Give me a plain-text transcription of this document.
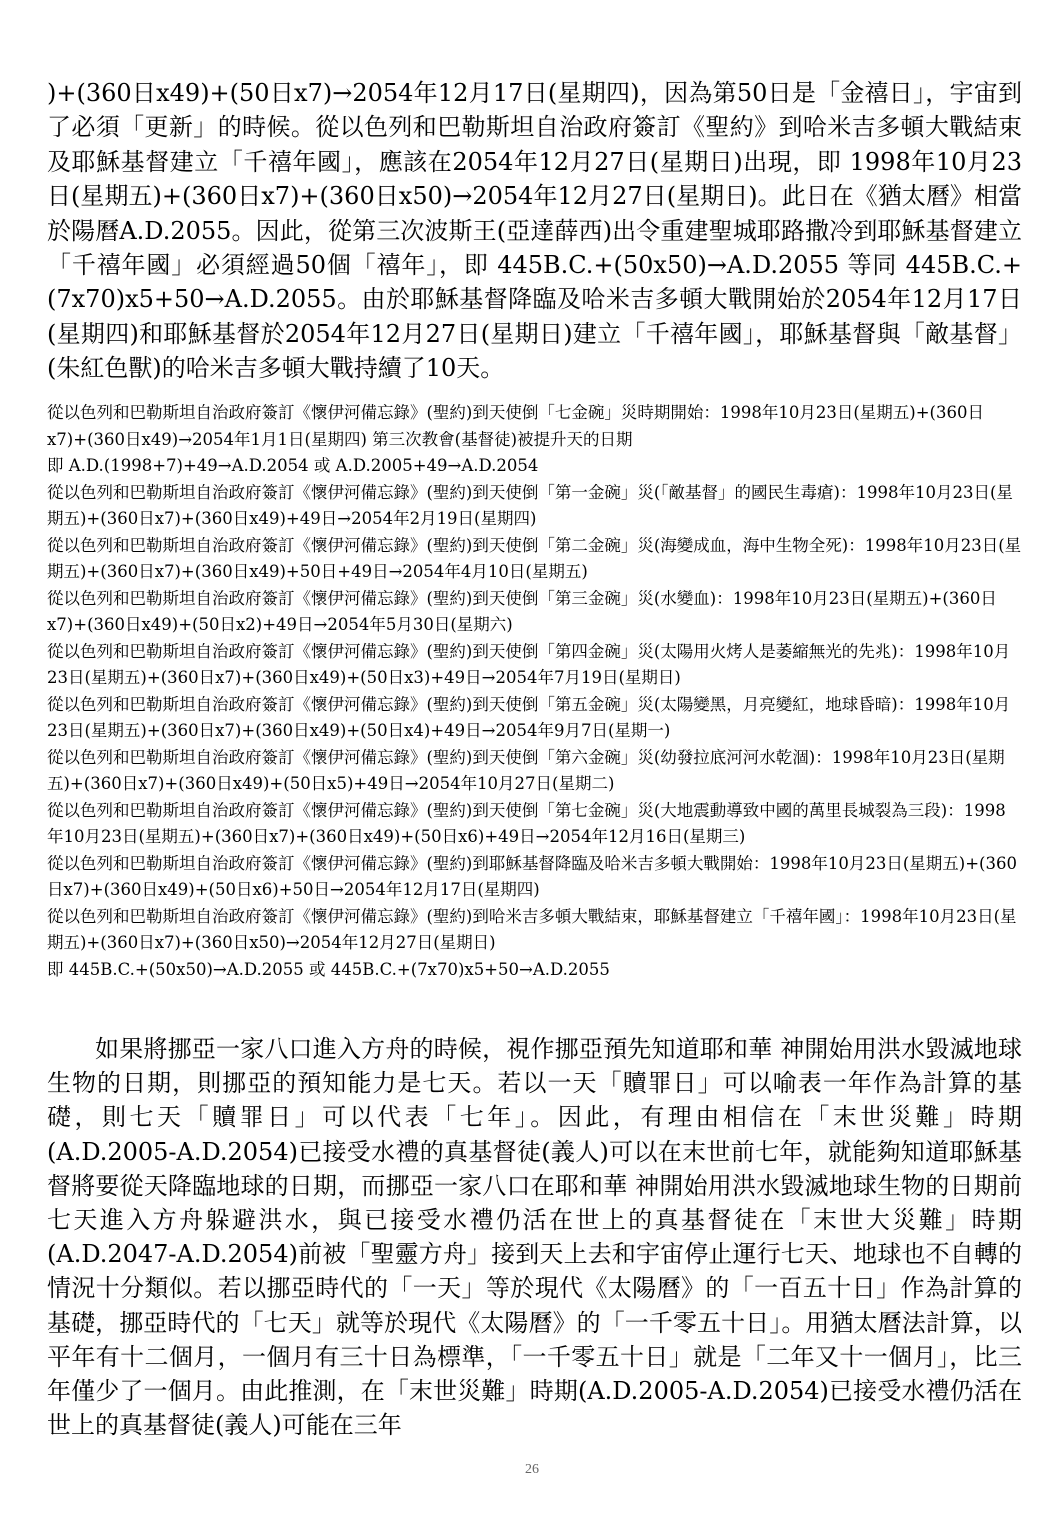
)+(360日x49)+(50日x7)→2054年12月17日(星期四)，因為第50日是「金禧日」，宇宙到了必須「更新」的時候。從以色列和巴勒斯坦自治政府簽訂《聖約》到哈米吉多頓大戰結束及耶穌基督建立「千禧年國」，應該在2054年12月27日(星期日)出現，即 1998年10月23日(星期五)+(360日x7)+(360日x50)→2054年12月27日(星期日)。此日在《猶太曆》相當於陽曆A.D.2055。因此，從第三次波斯王(亞達薛西)出令重建聖城耶路撒冷到耶穌基督建立「千禧年國」必須經過50個「禧年」，即 445B.C.+(50x50)→A.D.2055 等同 445B.C.+(7x70)x5+50→A.D.2055。由於耶穌基督降臨及哈米吉多頓大戰開始於2054年12月17日(星期四)和耶穌基督於2054年12月27日(星期日)建立「千禧年國」，耶穌基督與「敵基督」(朱紅色獸)的哈米吉多頓大戰持續了10天。

從以色列和巴勒斯坦自治政府簽訂《懷伊河備忘錄》(聖約)到天使倒「七金碗」災時期開始：1998年10月23日(星期五)+(360日x7)+(360日x49)→2054年1月1日(星期四) 第三次教會(基督徒)被提升天的日期

即 A.D.(1998+7)+49→A.D.2054 或 A.D.2005+49→A.D.2054

從以色列和巴勒斯坦自治政府簽訂《懷伊河備忘錄》(聖約)到天使倒「第一金碗」災(「敵基督」的國民生毒瘡)：1998年10月23日(星期五)+(360日x7)+(360日x49)+49日→2054年2月19日(星期四)

從以色列和巴勒斯坦自治政府簽訂《懷伊河備忘錄》(聖約)到天使倒「第二金碗」災(海變成血，海中生物全死)：1998年10月23日(星期五)+(360日x7)+(360日x49)+50日+49日→2054年4月10日(星期五)

從以色列和巴勒斯坦自治政府簽訂《懷伊河備忘錄》(聖約)到天使倒「第三金碗」災(水變血)：1998年10月23日(星期五)+(360日x7)+(360日x49)+(50日x2)+49日→2054年5月30日(星期六)

從以色列和巴勒斯坦自治政府簽訂《懷伊河備忘錄》(聖約)到天使倒「第四金碗」災(太陽用火烤人是萎縮無光的先兆)：1998年10月23日(星期五)+(360日x7)+(360日x49)+(50日x3)+49日→2054年7月19日(星期日)

從以色列和巴勒斯坦自治政府簽訂《懷伊河備忘錄》(聖約)到天使倒「第五金碗」災(太陽變黑，月亮變紅，地球昏暗)：1998年10月23日(星期五)+(360日x7)+(360日x49)+(50日x4)+49日→2054年9月7日(星期一)

從以色列和巴勒斯坦自治政府簽訂《懷伊河備忘錄》(聖約)到天使倒「第六金碗」災(幼發拉底河河水乾涸)：1998年10月23日(星期五)+(360日x7)+(360日x49)+(50日x5)+49日→2054年10月27日(星期二)

從以色列和巴勒斯坦自治政府簽訂《懷伊河備忘錄》(聖約)到天使倒「第七金碗」災(大地震動導致中國的萬里長城裂為三段)：1998年10月23日(星期五)+(360日x7)+(360日x49)+(50日x6)+49日→2054年12月16日(星期三)

從以色列和巴勒斯坦自治政府簽訂《懷伊河備忘錄》(聖約)到耶穌基督降臨及哈米吉多頓大戰開始：1998年10月23日(星期五)+(360日x7)+(360日x49)+(50日x6)+50日→2054年12月17日(星期四)

從以色列和巴勒斯坦自治政府簽訂《懷伊河備忘錄》(聖約)到哈米吉多頓大戰結束，耶穌基督建立「千禧年國」：1998年10月23日(星期五)+(360日x7)+(360日x50)→2054年12月27日(星期日)

即 445B.C.+(50x50)→A.D.2055 或 445B.C.+(7x70)x5+50→A.D.2055

如果將挪亞一家八口進入方舟的時候，視作挪亞預先知道耶和華 神開始用洪水毀滅地球生物的日期，則挪亞的預知能力是七天。若以一天「贖罪日」可以喻表一年作為計算的基礎，則七天「贖罪日」可以代表「七年」。因此，有理由相信在「末世災難」時期(A.D.2005-A.D.2054)已接受水禮的真基督徒(義人)可以在末世前七年，就能夠知道耶穌基督將要從天降臨地球的日期，而挪亞一家八口在耶和華 神開始用洪水毀滅地球生物的日期前七天進入方舟躲避洪水，與已接受水禮仍活在世上的真基督徒在「末世大災難」時期(A.D.2047-A.D.2054)前被「聖靈方舟」接到天上去和宇宙停止運行七天、地球也不自轉的情況十分類似。若以挪亞時代的「一天」等於現代《太陽曆》的「一百五十日」作為計算的基礎，挪亞時代的「七天」就等於現代《太陽曆》的「一千零五十日」。用猶太曆法計算，以平年有十二個月，一個月有三十日為標準，「一千零五十日」就是「二年又十一個月」，比三年僅少了一個月。由此推測，在「末世災難」時期(A.D.2005-A.D.2054)已接受水禮仍活在世上的真基督徒(義人)可能在三年
26
